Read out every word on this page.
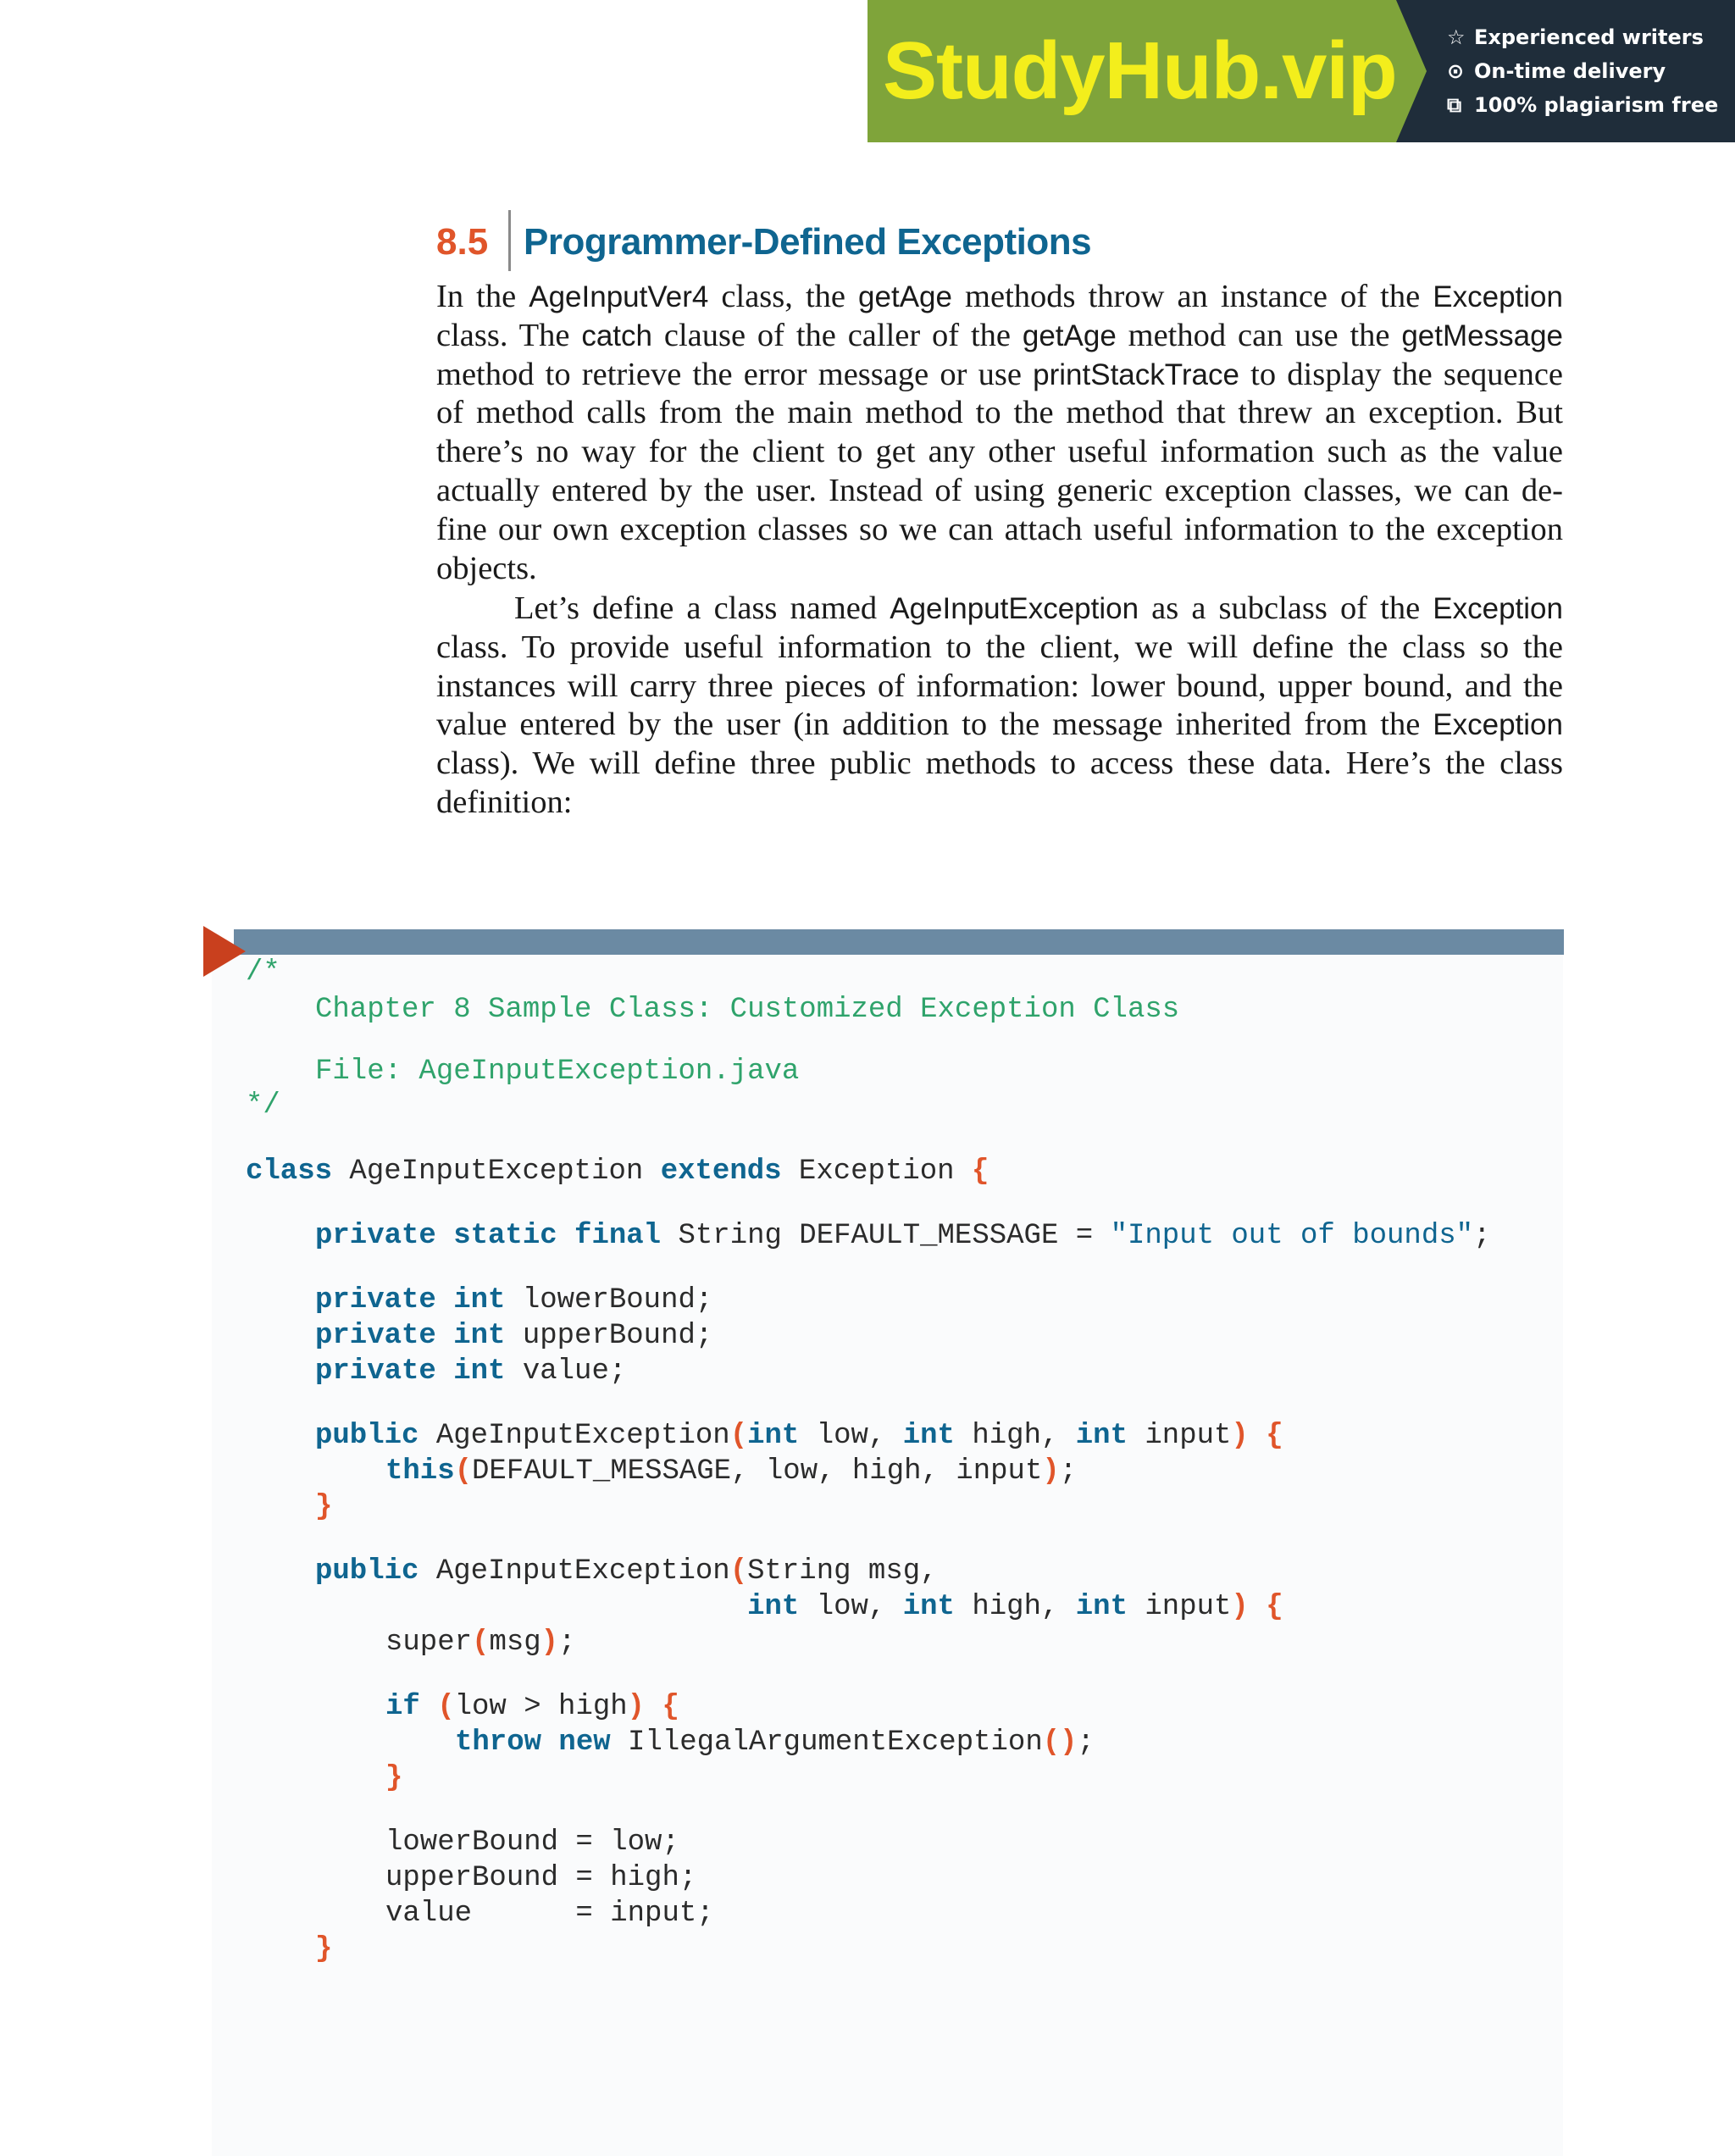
StudyHub.vip	☆ Experienced writers
⊙ On-time delivery
⧉ 100% plagiarism free
8.5 Programmer-Defined Exceptions
In the AgeInputVer4 class, the getAge methods throw an instance of the Exception
class. The catch clause of the caller of the getAge method can use the getMessage
method to retrieve the error message or use printStackTrace to display the sequence
of method calls from the main method to the method that threw an exception. But
there’s no way for the client to get any other useful information such as the value
actually entered by the user. Instead of using generic exception classes, we can de-
fine our own exception classes so we can attach useful information to the exception
objects.
Let’s define a class named AgeInputException as a subclass of the Exception
class. To provide useful information to the client, we will define the class so the
instances will carry three pieces of information: lower bound, upper bound, and the
value entered by the user (in addition to the message inherited from the Exception
class). We will define three public methods to access these data. Here’s the class
definition:
/*
Chapter 8 Sample Class: Customized Exception Class
File: AgeInputException.java
*/
class AgeInputException extends Exception {
private static final String DEFAULT_MESSAGE = "Input out of bounds";
private int lowerBound;
private int upperBound;
private int value;
public AgeInputException(int low, int high, int input) {
this(DEFAULT_MESSAGE, low, high, input);
}
public AgeInputException(String msg,
int low, int high, int input) {
super(msg);
if (low > high) {
throw new IllegalArgumentException();
}
lowerBound = low;
upperBound = high;
value      = input;
}
